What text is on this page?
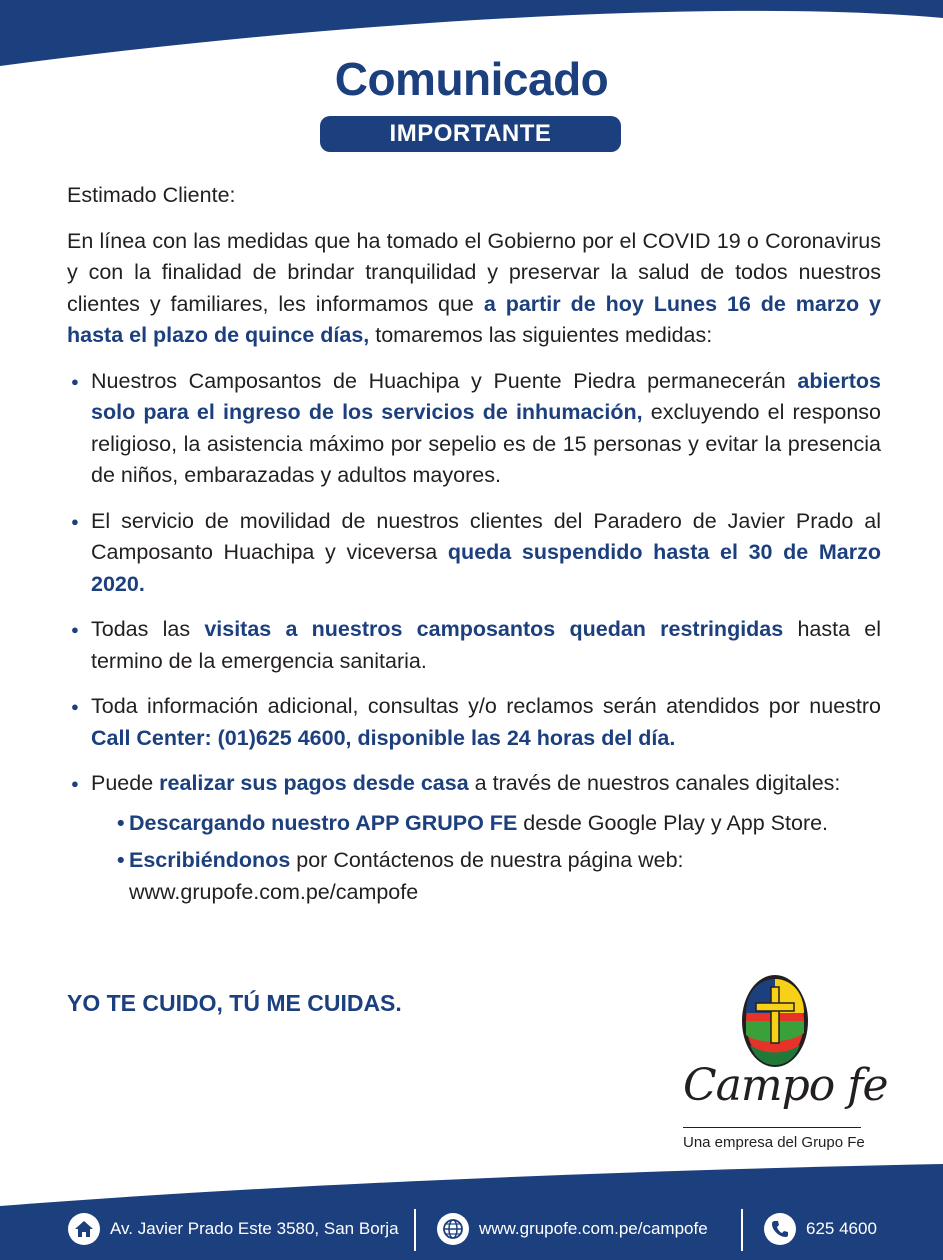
Comunicado
IMPORTANTE

Estimado Cliente:

En línea con las medidas que ha tomado el Gobierno por el COVID 19 o Coronavirus y con la finalidad de brindar tranquilidad y preservar la salud de todos nuestros clientes y familiares, les informamos que a partir de hoy Lunes 16 de marzo y hasta el plazo de quince días, tomaremos las siguientes medidas:

● Nuestros Camposantos de Huachipa y Puente Piedra permanecerán abiertos solo para el ingreso de los servicios de inhumación, excluyendo el responso religioso, la asistencia máximo por sepelio es de 15 personas y evitar la presencia de niños, embarazadas y adultos mayores.
● El servicio de movilidad de nuestros clientes del Paradero de Javier Prado al Camposanto Huachipa y viceversa queda suspendido hasta el 30 de Marzo 2020.
● Todas las visitas a nuestros camposantos quedan restringidas hasta el termino de la emergencia sanitaria.
● Toda información adicional, consultas y/o reclamos serán atendidos por nuestro Call Center: (01)625 4600, disponible las 24 horas del día.
● Puede realizar sus pagos desde casa a través de nuestros canales digitales:
• Descargando nuestro APP GRUPO FE desde Google Play y App Store.
• Escribiéndonos por Contáctenos de nuestra página web: www.grupofe.com.pe/campofe
YO TE CUIDO, TÚ ME CUIDAS.
Campo fe
Una empresa del Grupo Fe
Av. Javier Prado Este 3580, San Borja	www.grupofe.com.pe/campofe	625 4600
